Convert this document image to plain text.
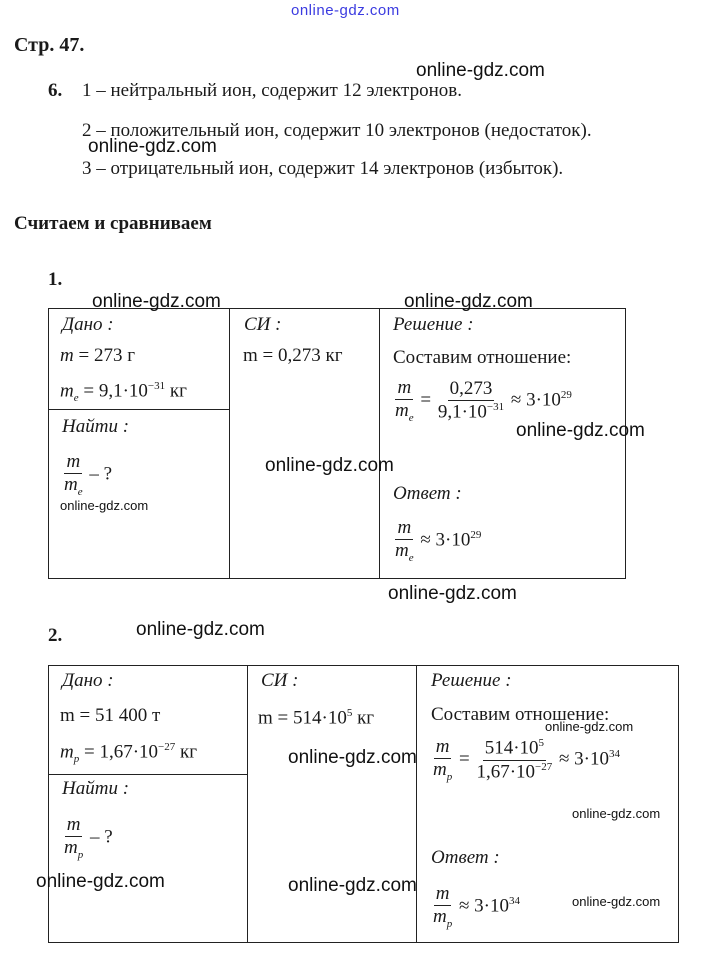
online-gdz.com
Стр. 47.
6. 1 – нейтральный ион, содержит 12 электронов.
2 – положительный ион, содержит 10 электронов (недостаток).
3 – отрицательный ион, содержит 14 электронов (избыток).
Считаем и сравниваем
1.
Дано :
m = 273 г
$m_e = 9,1\cdot 10^{-31}$ кг
Найти :
$\frac{m}{m_e}$ – ?
СИ :
m = 0,273 кг
Решение :
Составим отношение:
$\frac{m}{m_e} = \frac{0,273}{9,1\cdot 10^{-31}} \approx 3\cdot 10^{29}$
Ответ :
$\frac{m}{m_e} \approx 3\cdot 10^{29}$
2.
Дано :
m = 51 400 т
$m_p = 1,67\cdot 10^{-27}$ кг
Найти :
$\frac{m}{m_p}$ – ?
СИ :
$m = 514\cdot 10^5$ кг
Решение :
Составим отношение:
$\frac{m}{m_p} = \frac{514\cdot 10^5}{1,67\cdot 10^{-27}} \approx 3\cdot 10^{34}$
Ответ :
$\frac{m}{m_p} \approx 3\cdot 10^{34}$
online-gdz.com
online-gdz.com
online-gdz.com	online-gdz.com
online-gdz.com
online-gdz.com
online-gdz.com
online-gdz.com
online-gdz.com
online-gdz.com
online-gdz.com
online-gdz.com
online-gdz.com	online-gdz.com
online-gdz.com
